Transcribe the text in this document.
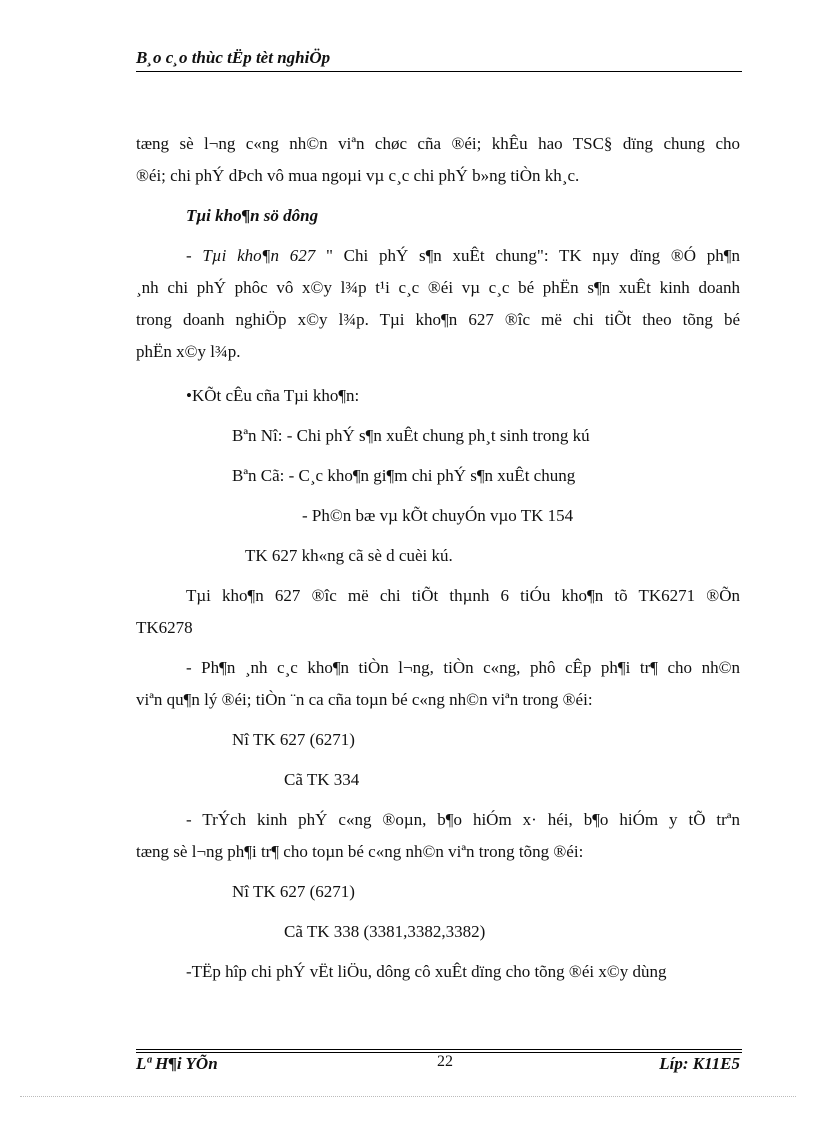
B¸o c¸o thùc tËp tèt nghiÖp
tæng sè l¬ng c«ng nh©n viªn chøc cña ®éi; khÊu hao TSC§ dïng chung cho
®éi; chi phÝ dÞch vô mua ngoµi vµ c¸c chi phÝ b»ng tiÒn kh¸c.
Tµi kho¶n sö dông
- Tµi kho¶n 627 " Chi phÝ s¶n xuÊt chung": TK nµy dïng ®Ó ph¶n
¸nh chi phÝ phôc vô x©y l¾p t¹i c¸c ®éi vµ c¸c bé phËn s¶n xuÊt kinh doanh
trong doanh nghiÖp x©y l¾p. Tµi kho¶n 627 ®îc më chi tiÕt theo tõng bé
phËn x©y l¾p.
•KÕt cÊu cña Tµi kho¶n:
Bªn Nî: - Chi phÝ s¶n xuÊt chung ph¸t sinh trong kú
Bªn Cã: - C¸c kho¶n gi¶m chi phÝ s¶n xuÊt chung
- Ph©n bæ vµ kÕt chuyÓn vµo TK 154
TK 627 kh«ng cã sè d cuèi kú.
Tµi kho¶n 627 ®îc më chi tiÕt thµnh 6 tiÓu kho¶n tõ TK6271 ®Õn
TK6278
- Ph¶n ¸nh c¸c kho¶n tiÒn l¬ng, tiÒn c«ng, phô cÊp ph¶i tr¶ cho nh©n
viªn qu¶n lý ®éi; tiÒn ¨n ca cña toµn bé c«ng nh©n viªn trong ®éi:
Nî TK 627 (6271)
Cã TK 334
- TrÝch kinh phÝ c«ng ®oµn, b¶o hiÓm x· héi, b¶o hiÓm y tÕ trªn
tæng sè l¬ng ph¶i tr¶ cho toµn bé c«ng nh©n viªn trong tõng ®éi:
Nî TK 627 (6271)
Cã TK 338 (3381,3382,3382)
-TËp hîp chi phÝ vËt liÖu, dông cô xuÊt dïng cho tõng ®éi x©y dùng
Lª H¶i YÕn	22	Líp: K11E5
